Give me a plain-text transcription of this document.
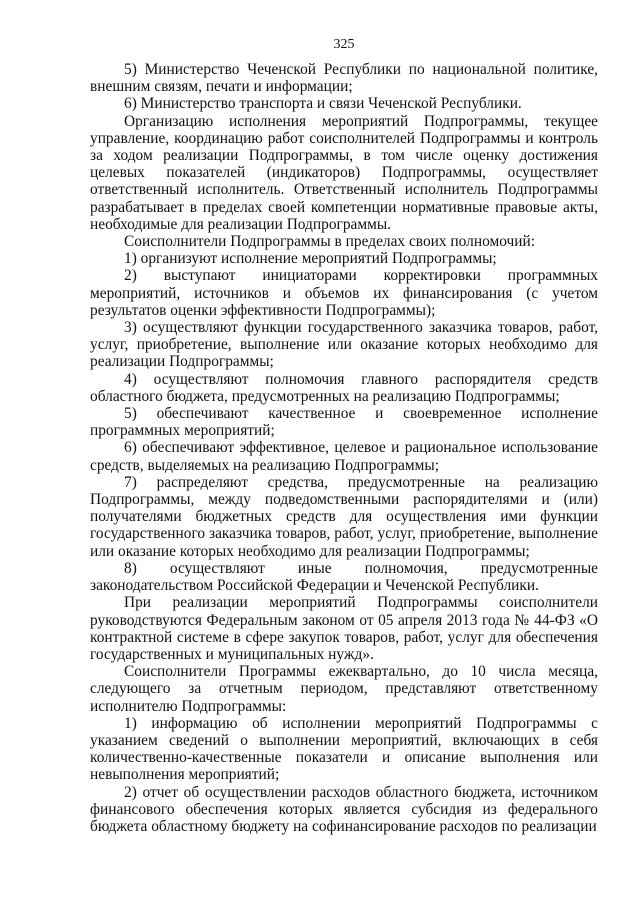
325

5) Министерство Чеченской Республики по национальной политике, внешним связям, печати и информации;

6) Министерство транспорта и связи Чеченской Республики.

Организацию исполнения мероприятий Подпрограммы, текущее управление, координацию работ соисполнителей Подпрограммы и контроль за ходом реализации Подпрограммы, в том числе оценку достижения целевых показателей (индикаторов) Подпрограммы, осуществляет ответственный исполнитель. Ответственный исполнитель Подпрограммы разрабатывает в пределах своей компетенции нормативные правовые акты, необходимые для реализации Подпрограммы.

Соисполнители Подпрограммы в пределах своих полномочий:

1) организуют исполнение мероприятий Подпрограммы;

2) выступают инициаторами корректировки программных мероприятий, источников и объемов их финансирования (с учетом результатов оценки эффективности Подпрограммы);

3) осуществляют функции государственного заказчика товаров, работ, услуг, приобретение, выполнение или оказание которых необходимо для реализации Подпрограммы;

4) осуществляют полномочия главного распорядителя средств областного бюджета, предусмотренных на реализацию Подпрограммы;

5) обеспечивают качественное и своевременное исполнение программных мероприятий;

6) обеспечивают эффективное, целевое и рациональное использование средств, выделяемых на реализацию Подпрограммы;

7) распределяют средства, предусмотренные на реализацию Подпрограммы, между подведомственными распорядителями и (или) получателями бюджетных средств для осуществления ими функции государственного заказчика товаров, работ, услуг, приобретение, выполнение или оказание которых необходимо для реализации Подпрограммы;

8) осуществляют иные полномочия, предусмотренные законодательством Российской Федерации и Чеченской Республики.

При реализации мероприятий Подпрограммы соисполнители руководствуются Федеральным законом от 05 апреля 2013 года № 44-ФЗ «О контрактной системе в сфере закупок товаров, работ, услуг для обеспечения государственных и муниципальных нужд».

Соисполнители Программы ежеквартально, до 10 числа месяца, следующего за отчетным периодом, представляют ответственному исполнителю Подпрограммы:

1) информацию об исполнении мероприятий Подпрограммы с указанием сведений о выполнении мероприятий, включающих в себя количественно-качественные показатели и описание выполнения или невыполнения мероприятий;

2) отчет об осуществлении расходов областного бюджета, источником финансового обеспечения которых является субсидия из федерального бюджета областному бюджету на софинансирование расходов по реализации
